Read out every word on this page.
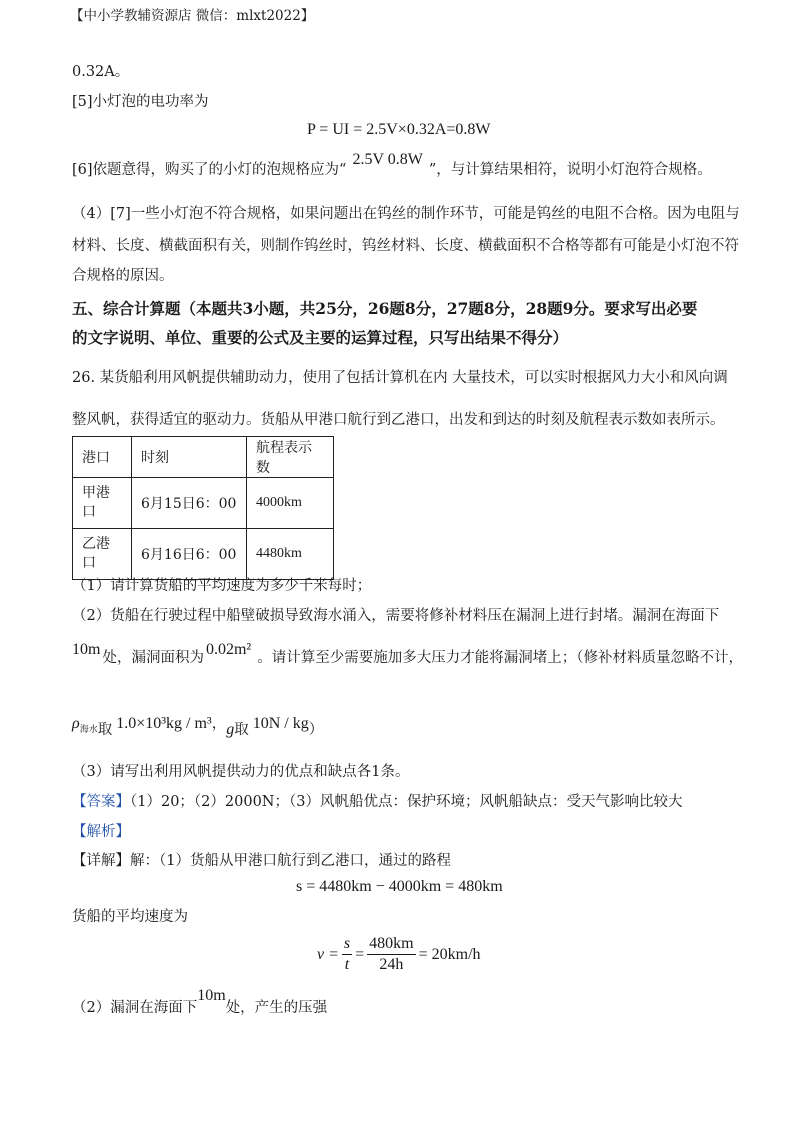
【中小学教辅资源店 微信：mlxt2022】
0.32A。
[5]小灯泡的电功率为
P = UI = 2.5V×0.32A=0.8W
[6]依题意得，购买了的小灯的泡规格应为“2.5V 0.8W”，与计算结果相符，说明小灯泡符合规格。
（4）[7]一些小灯泡不符合规格，如果问题出在钨丝的制作环节，可能是钨丝的电阻不合格。因为电阻与
材料、长度、横截面积有关，则制作钨丝时，钨丝材料、长度、横截面积不合格等都有可能是小灯泡不符
合规格的原因。
五、综合计算题（本题共3小题，共25分，26题8分，27题8分，28题9分。要求写出必要
的文字说明、单位、重要的公式及主要的运算过程，只写出结果不得分）
26. 某货船利用风帆提供辅助动力，使用了包括计算机在内 大量技术，可以实时根据风力大小和风向调
整风帆，获得适宜的驱动力。货船从甲港口航行到乙港口，出发和到达的时刻及航程表示数如表所示。
港口	时刻	航程表示数
甲港口	6月15日6：00	4000km
乙港口	6月16日6：00	4480km
（1）请计算货船的平均速度为多少千米每时；
（2）货船在行驶过程中船壁破损导致海水涌入，需要将修补材料压在漏洞上进行封堵。漏洞在海面下
10m 处，漏洞面积为 0.02m² 。请计算至少需要施加多大压力才能将漏洞堵上；（修补材料质量忽略不计，
$\rho_{海水}$取 1.0×10³kg / m³，g取 10N / kg）
（3）请写出利用风帆提供动力的优点和缺点各1条。
【答案】（1）20；（2）2000N；（3）风帆船优点：保护环境；风帆船缺点：受天气影响比较大
【解析】
【详解】解：（1）货船从甲港口航行到乙港口，通过的路程
s = 4480km − 4000km = 480km
货船的平均速度为
$v = \frac{s}{t} = \frac{480km}{24h} = 20km/h$
（2）漏洞在海面下10m处，产生的压强
